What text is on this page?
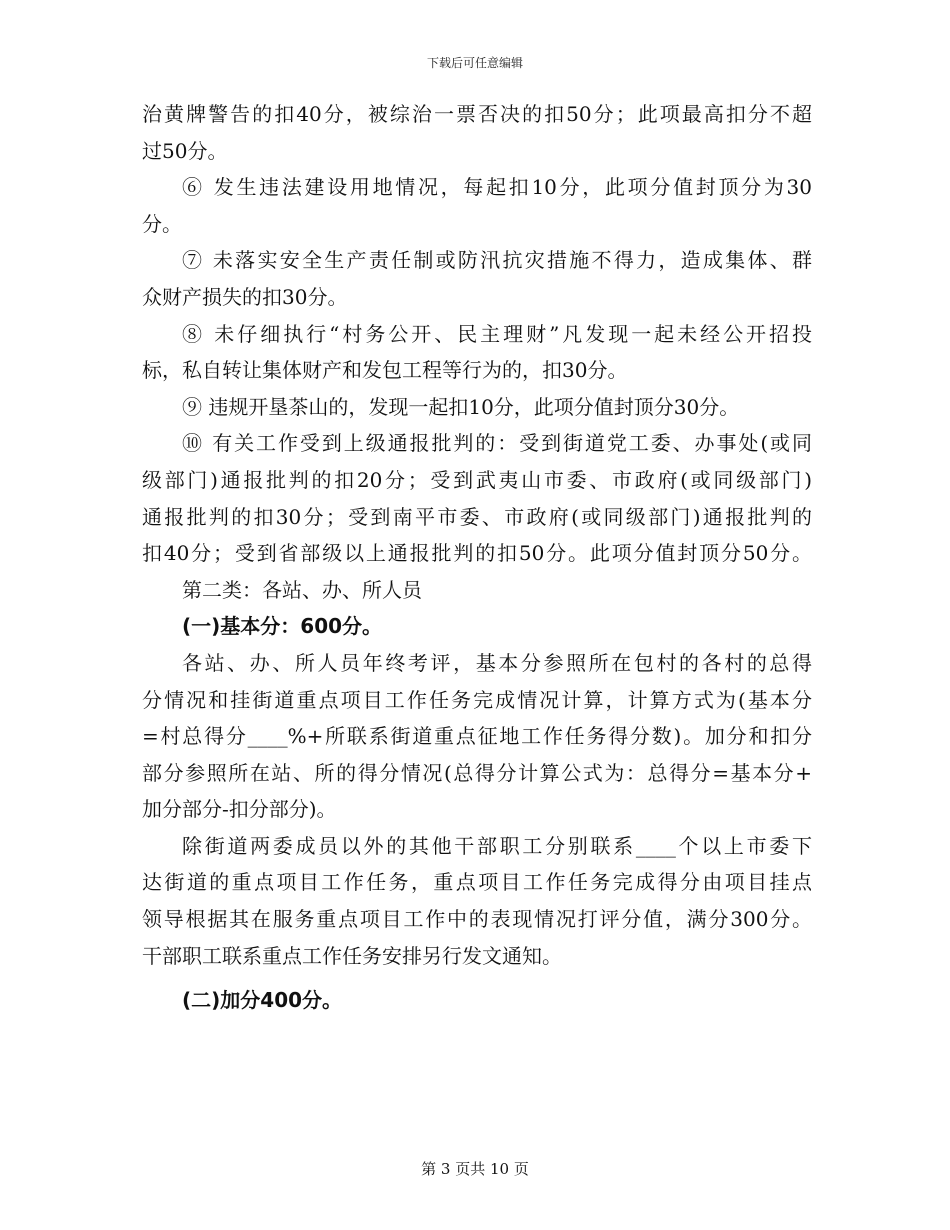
下载后可任意编辑
治黄牌警告的扣40分，被综治一票否决的扣50分；此项最高扣分不超
过50分。
⑥ 发生违法建设用地情况，每起扣10分，此项分值封顶分为30
分。
⑦ 未落实安全生产责任制或防汛抗灾措施不得力，造成集体、群
众财产损失的扣30分。
⑧ 未仔细执行“村务公开、民主理财”凡发现一起未经公开招投
标，私自转让集体财产和发包工程等行为的，扣30分。
⑨ 违规开垦茶山的，发现一起扣10分，此项分值封顶分30分。
⑩ 有关工作受到上级通报批判的：受到街道党工委、办事处(或同
级部门)通报批判的扣20分；受到武夷山市委、市政府(或同级部门)
通报批判的扣30分；受到南平市委、市政府(或同级部门)通报批判的
扣40分；受到省部级以上通报批判的扣50分。此项分值封顶分50分。
第二类：各站、办、所人员
(一)基本分：600分。
各站、办、所人员年终考评，基本分参照所在包村的各村的总得
分情况和挂街道重点项目工作任务完成情况计算，计算方式为(基本分
=村总得分____%+所联系街道重点征地工作任务得分数)。加分和扣分
部分参照所在站、所的得分情况(总得分计算公式为：总得分=基本分+
加分部分-扣分部分)。
除街道两委成员以外的其他干部职工分别联系____个以上市委下
达街道的重点项目工作任务，重点项目工作任务完成得分由项目挂点
领导根据其在服务重点项目工作中的表现情况打评分值，满分300分。
干部职工联系重点工作任务安排另行发文通知。
(二)加分400分。
第 3 页共 10 页
